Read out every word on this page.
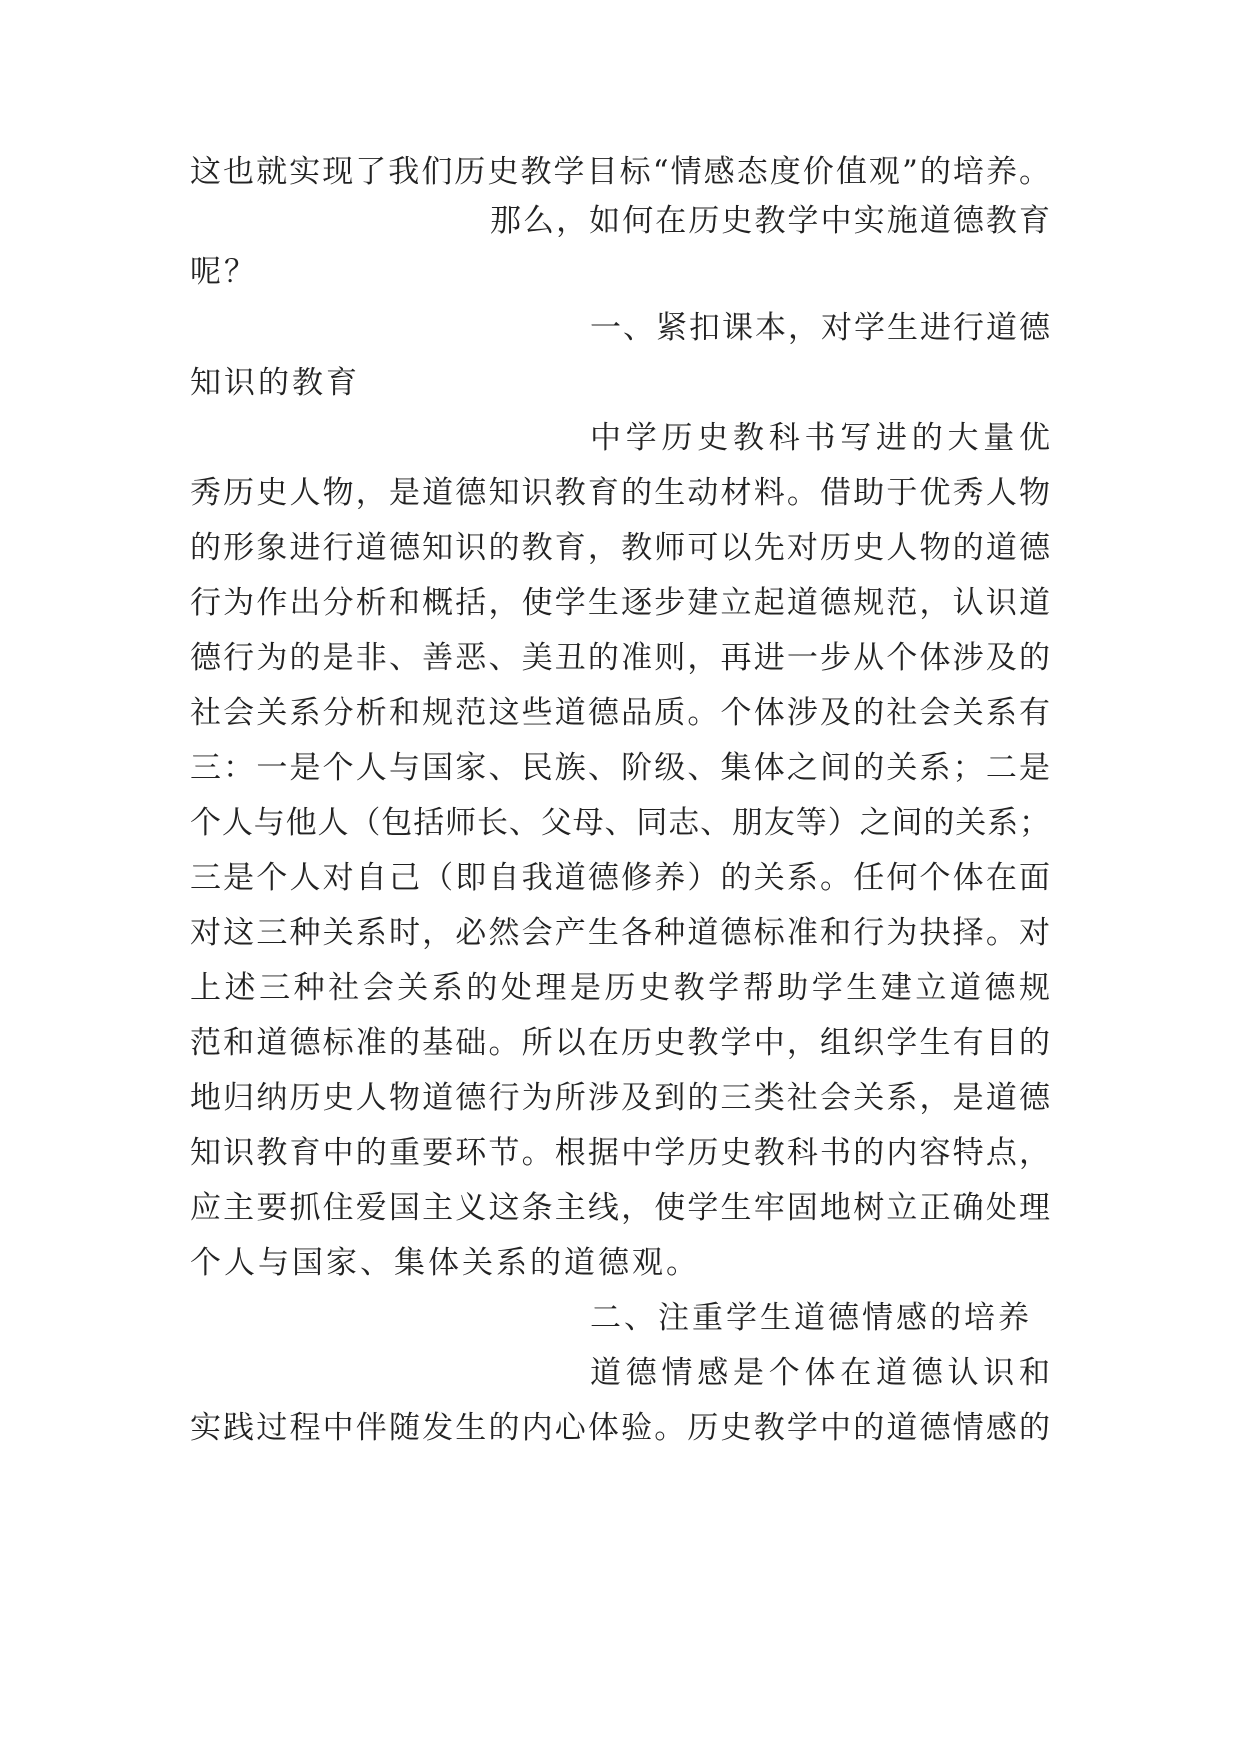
这也就实现了我们历史教学目标“情感态度价值观”的培养。
那么，如何在历史教学中实施道德教育
呢？
一、紧扣课本，对学生进行道德
知识的教育
中学历史教科书写进的大量优
秀历史人物，是道德知识教育的生动材料。借助于优秀人物
的形象进行道德知识的教育，教师可以先对历史人物的道德
行为作出分析和概括，使学生逐步建立起道德规范，认识道
德行为的是非、善恶、美丑的准则，再进一步从个体涉及的
社会关系分析和规范这些道德品质。个体涉及的社会关系有
三：一是个人与国家、民族、阶级、集体之间的关系；二是
个人与他人（包括师长、父母、同志、朋友等）之间的关系；
三是个人对自己（即自我道德修养）的关系。任何个体在面
对这三种关系时，必然会产生各种道德标准和行为抉择。对
上述三种社会关系的处理是历史教学帮助学生建立道德规
范和道德标准的基础。所以在历史教学中，组织学生有目的
地归纳历史人物道德行为所涉及到的三类社会关系，是道德
知识教育中的重要环节。根据中学历史教科书的内容特点，
应主要抓住爱国主义这条主线，使学生牢固地树立正确处理
个人与国家、集体关系的道德观。
二、注重学生道德情感的培养
道德情感是个体在道德认识和
实践过程中伴随发生的内心体验。历史教学中的道德情感的
